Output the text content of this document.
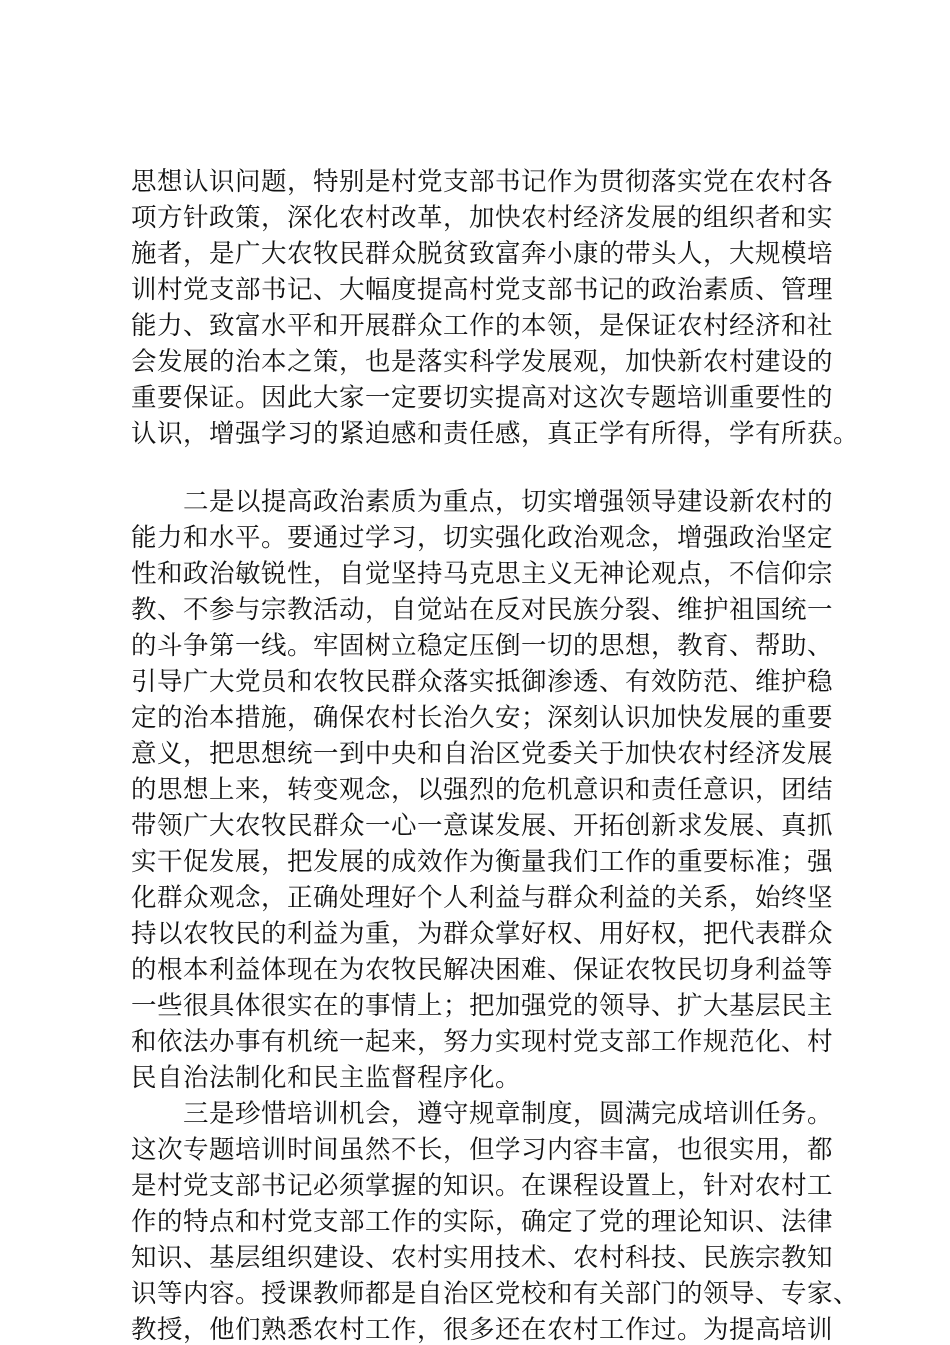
思想认识问题，特别是村党支部书记作为贯彻落实党在农村各
项方针政策，深化农村改革，加快农村经济发展的组织者和实
施者，是广大农牧民群众脱贫致富奔小康的带头人，大规模培
训村党支部书记、大幅度提高村党支部书记的政治素质、管理
能力、致富水平和开展群众工作的本领，是保证农村经济和社
会发展的治本之策，也是落实科学发展观，加快新农村建设的
重要保证。因此大家一定要切实提高对这次专题培训重要性的
认识，增强学习的紧迫感和责任感，真正学有所得，学有所获。
　　二是以提高政治素质为重点，切实增强领导建设新农村的
能力和水平。要通过学习，切实强化政治观念，增强政治坚定
性和政治敏锐性，自觉坚持马克思主义无神论观点，不信仰宗
教、不参与宗教活动，自觉站在反对民族分裂、维护祖国统一
的斗争第一线。牢固树立稳定压倒一切的思想，教育、帮助、
引导广大党员和农牧民群众落实抵御渗透、有效防范、维护稳
定的治本措施，确保农村长治久安；深刻认识加快发展的重要
意义，把思想统一到中央和自治区党委关于加快农村经济发展
的思想上来，转变观念，以强烈的危机意识和责任意识，团结
带领广大农牧民群众一心一意谋发展、开拓创新求发展、真抓
实干促发展，把发展的成效作为衡量我们工作的重要标准；强
化群众观念，正确处理好个人利益与群众利益的关系，始终坚
持以农牧民的利益为重，为群众掌好权、用好权，把代表群众
的根本利益体现在为农牧民解决困难、保证农牧民切身利益等
一些很具体很实在的事情上；把加强党的领导、扩大基层民主
和依法办事有机统一起来，努力实现村党支部工作规范化、村
民自治法制化和民主监督程序化。
　　三是珍惜培训机会，遵守规章制度，圆满完成培训任务。
这次专题培训时间虽然不长，但学习内容丰富，也很实用，都
是村党支部书记必须掌握的知识。在课程设置上，针对农村工
作的特点和村党支部工作的实际，确定了党的理论知识、法律
知识、基层组织建设、农村实用技术、农村科技、民族宗教知
识等内容。授课教师都是自治区党校和有关部门的领导、专家、
教授，他们熟悉农村工作，很多还在农村工作过。为提高培训
